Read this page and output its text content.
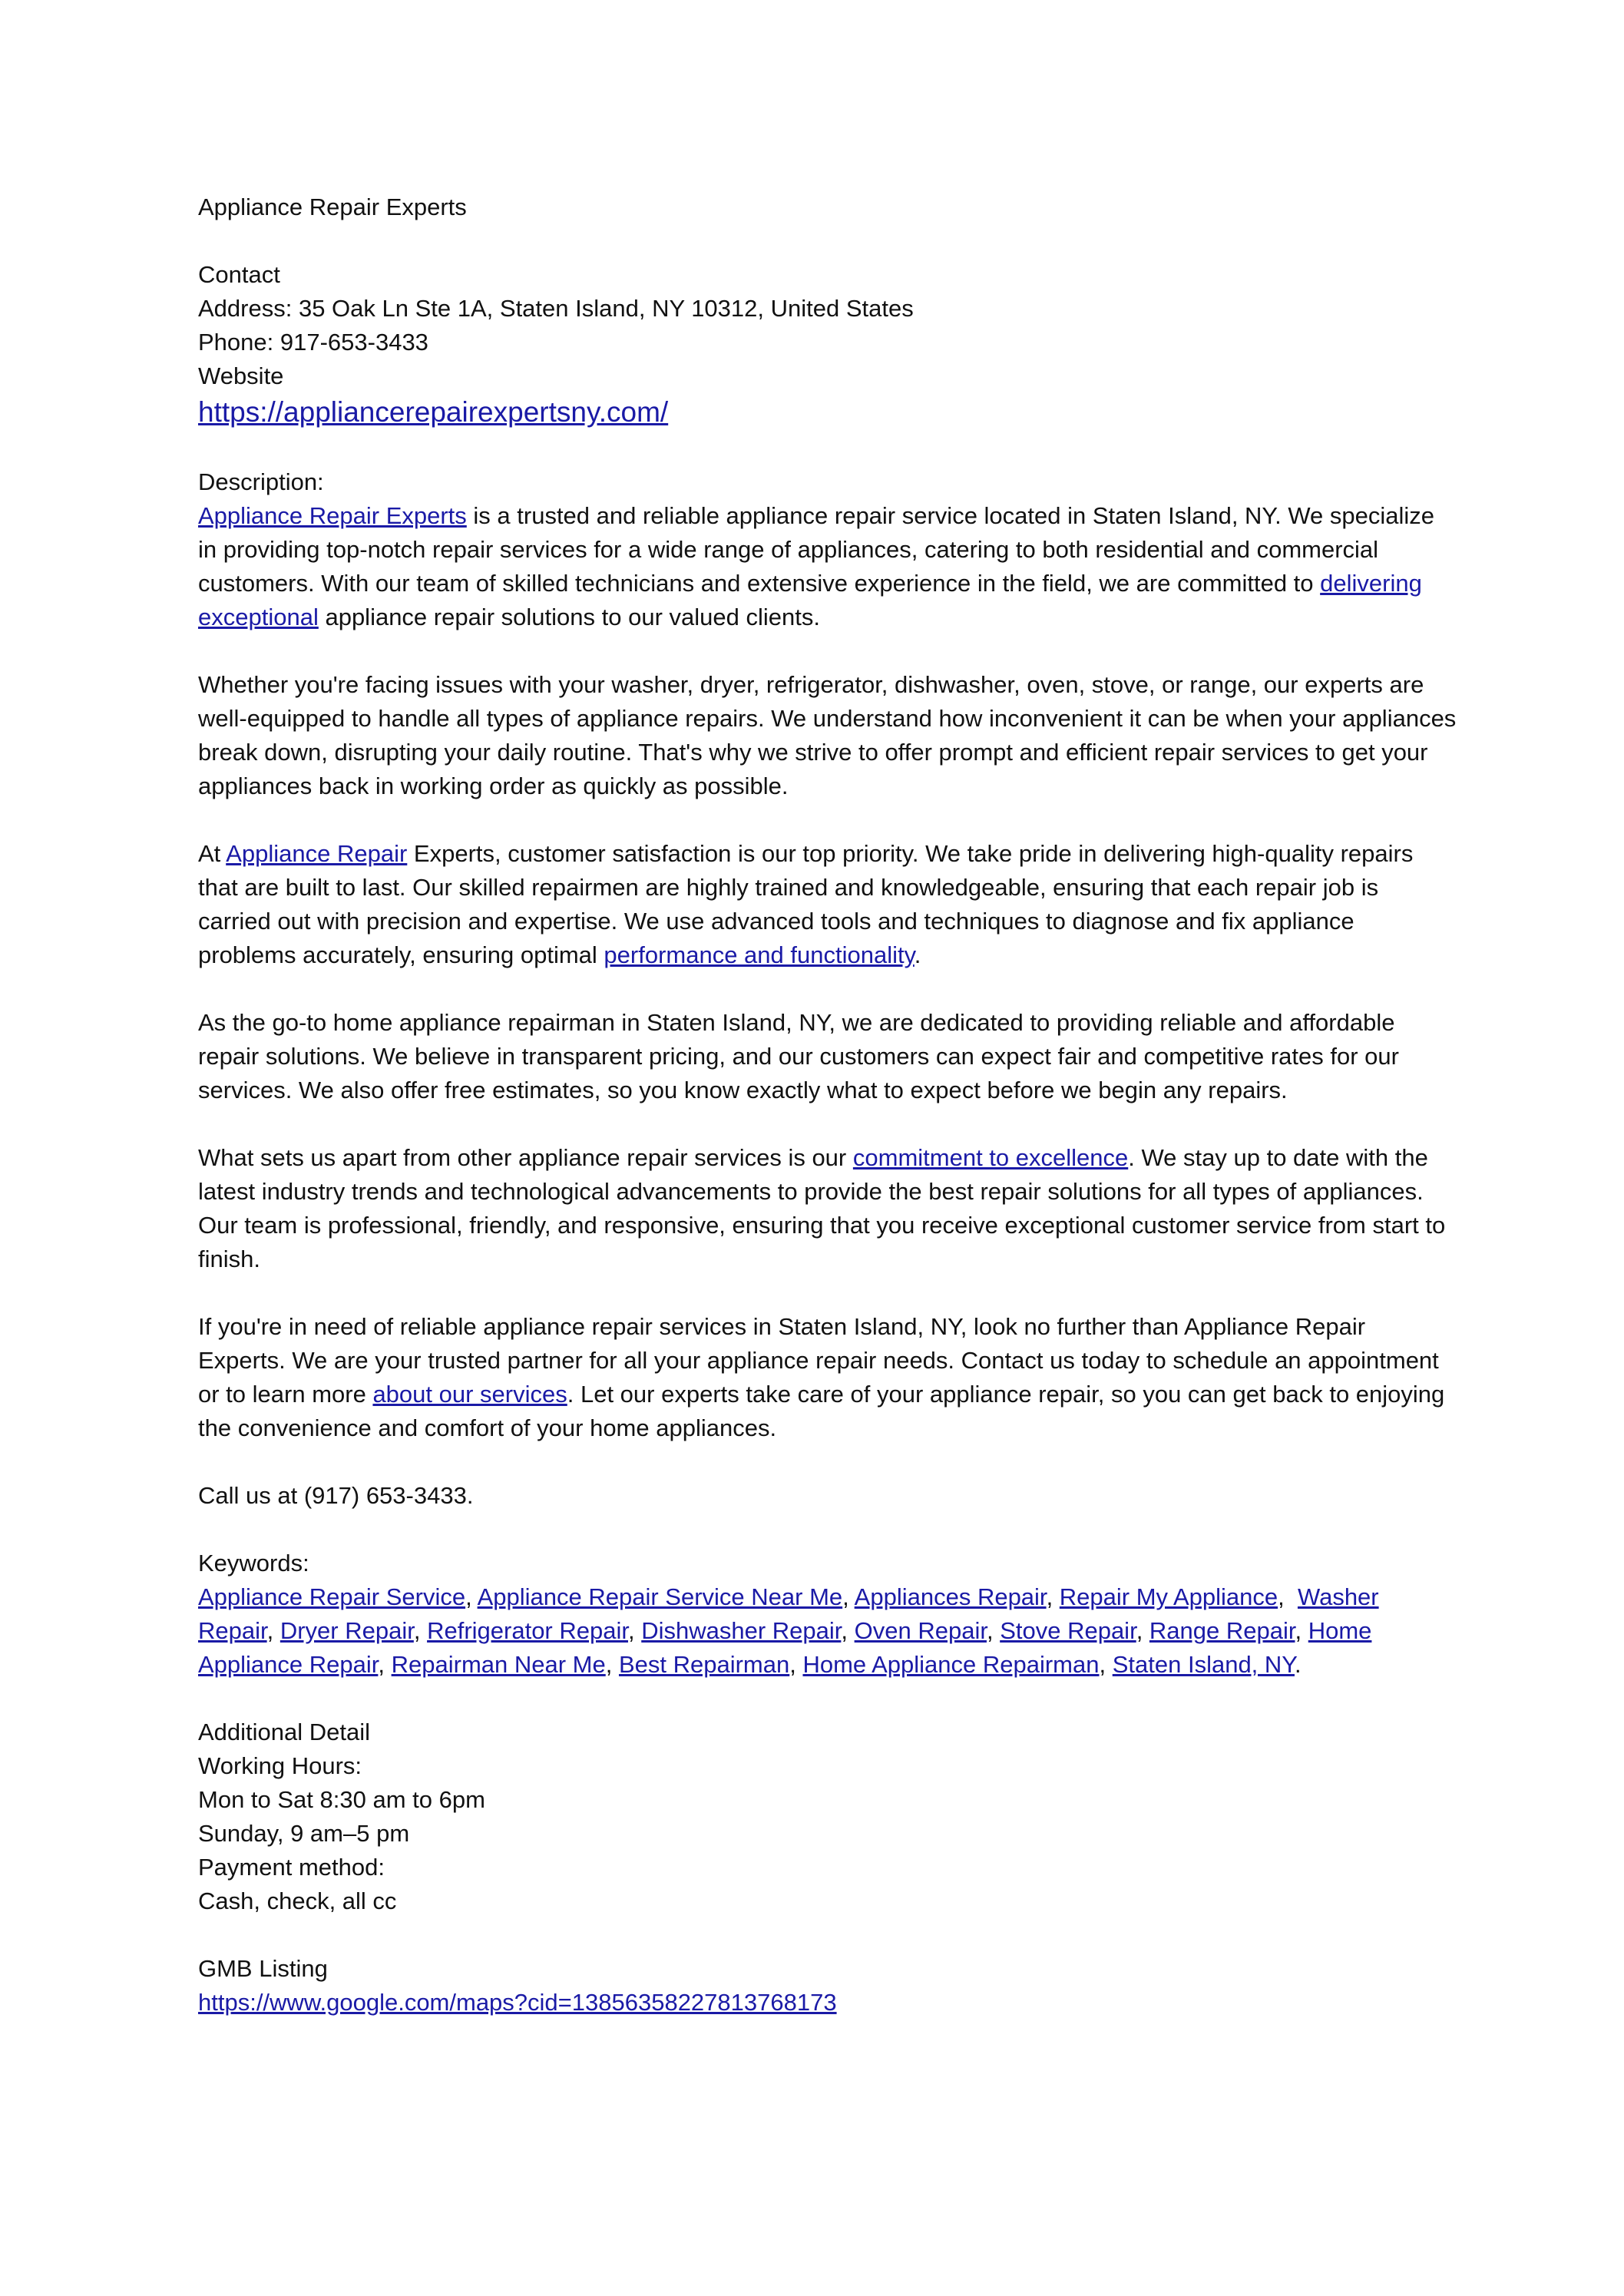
Appliance Repair Experts
Contact
Address: 35 Oak Ln Ste 1A, Staten Island, NY 10312, United States
Phone: 917-653-3433
Website
https://appliancerepairexpertsny.com/
Description:
Appliance Repair Experts is a trusted and reliable appliance repair service located in Staten Island, NY. We specialize in providing top-notch repair services for a wide range of appliances, catering to both residential and commercial customers. With our team of skilled technicians and extensive experience in the field, we are committed to delivering exceptional appliance repair solutions to our valued clients.
Whether you're facing issues with your washer, dryer, refrigerator, dishwasher, oven, stove, or range, our experts are well-equipped to handle all types of appliance repairs. We understand how inconvenient it can be when your appliances break down, disrupting your daily routine. That's why we strive to offer prompt and efficient repair services to get your appliances back in working order as quickly as possible.
At Appliance Repair Experts, customer satisfaction is our top priority. We take pride in delivering high-quality repairs that are built to last. Our skilled repairmen are highly trained and knowledgeable, ensuring that each repair job is carried out with precision and expertise. We use advanced tools and techniques to diagnose and fix appliance problems accurately, ensuring optimal performance and functionality.
As the go-to home appliance repairman in Staten Island, NY, we are dedicated to providing reliable and affordable repair solutions. We believe in transparent pricing, and our customers can expect fair and competitive rates for our services. We also offer free estimates, so you know exactly what to expect before we begin any repairs.
What sets us apart from other appliance repair services is our commitment to excellence. We stay up to date with the latest industry trends and technological advancements to provide the best repair solutions for all types of appliances. Our team is professional, friendly, and responsive, ensuring that you receive exceptional customer service from start to finish.
If you're in need of reliable appliance repair services in Staten Island, NY, look no further than Appliance Repair Experts. We are your trusted partner for all your appliance repair needs. Contact us today to schedule an appointment or to learn more about our services. Let our experts take care of your appliance repair, so you can get back to enjoying the convenience and comfort of your home appliances.
Call us at (917) 653-3433.
Keywords:
Appliance Repair Service, Appliance Repair Service Near Me, Appliances Repair, Repair My Appliance,  Washer Repair, Dryer Repair, Refrigerator Repair, Dishwasher Repair, Oven Repair, Stove Repair, Range Repair, Home Appliance Repair, Repairman Near Me, Best Repairman, Home Appliance Repairman, Staten Island, NY.
Additional Detail
Working Hours:
Mon to Sat 8:30 am to 6pm
Sunday, 9 am–5 pm
Payment method:
Cash, check, all cc
GMB Listing
https://www.google.com/maps?cid=13856358227813768173
